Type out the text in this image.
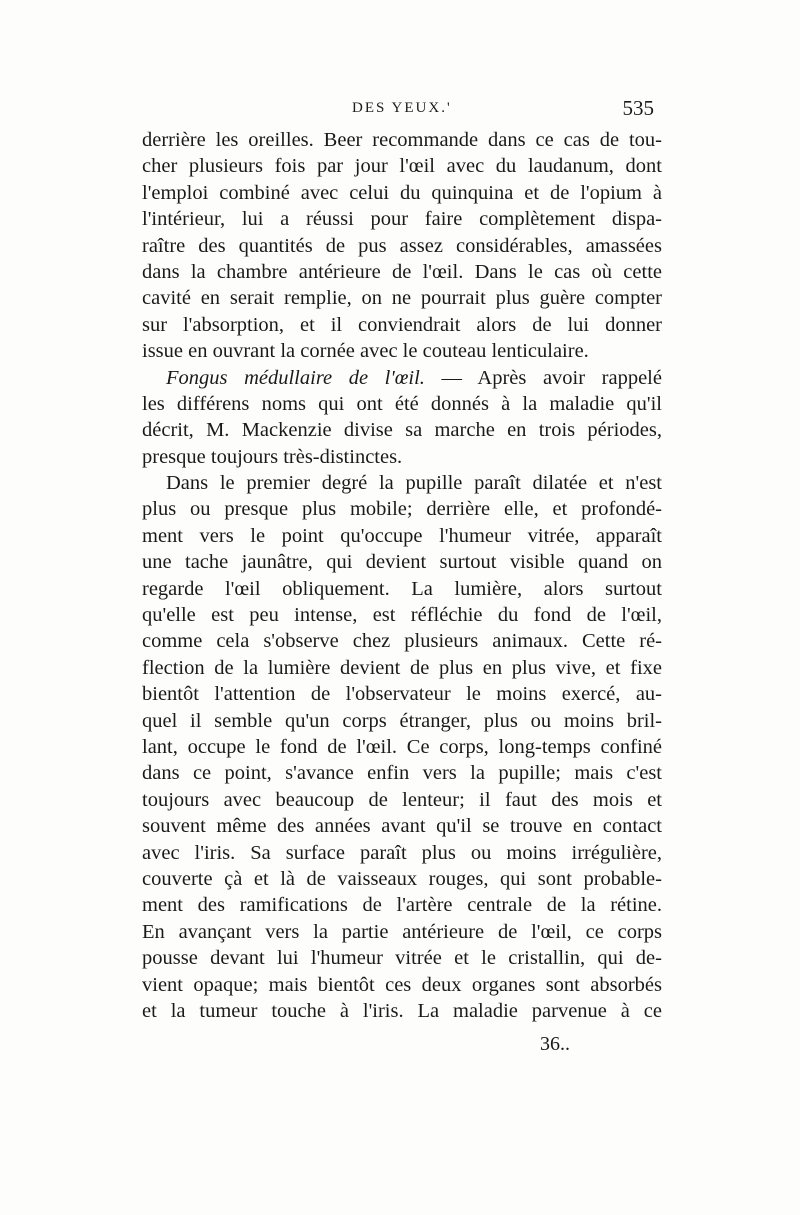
DES YEUX.'	535
derrière les oreilles. Beer recommande dans ce cas de tou-
cher plusieurs fois par jour l'œil avec du laudanum, dont
l'emploi combiné avec celui du quinquina et de l'opium à
l'intérieur, lui a réussi pour faire complètement dispa-
raître des quantités de pus assez considérables, amassées
dans la chambre antérieure de l'œil. Dans le cas où cette
cavité en serait remplie, on ne pourrait plus guère compter
sur l'absorption, et il conviendrait alors de lui donner
issue en ouvrant la cornée avec le couteau lenticulaire.
Fongus médullaire de l'œil. — Après avoir rappelé
les différens noms qui ont été donnés à la maladie qu'il
décrit, M. Mackenzie divise sa marche en trois périodes,
presque toujours très-distinctes.
Dans le premier degré la pupille paraît dilatée et n'est
plus ou presque plus mobile; derrière elle, et profondé-
ment vers le point qu'occupe l'humeur vitrée, apparaît
une tache jaunâtre, qui devient surtout visible quand on
regarde l'œil obliquement. La lumière, alors surtout
qu'elle est peu intense, est réfléchie du fond de l'œil,
comme cela s'observe chez plusieurs animaux. Cette ré-
flection de la lumière devient de plus en plus vive, et fixe
bientôt l'attention de l'observateur le moins exercé, au-
quel il semble qu'un corps étranger, plus ou moins bril-
lant, occupe le fond de l'œil. Ce corps, long-temps confiné
dans ce point, s'avance enfin vers la pupille; mais c'est
toujours avec beaucoup de lenteur; il faut des mois et
souvent même des années avant qu'il se trouve en contact
avec l'iris. Sa surface paraît plus ou moins irrégulière,
couverte çà et là de vaisseaux rouges, qui sont probable-
ment des ramifications de l'artère centrale de la rétine.
En avançant vers la partie antérieure de l'œil, ce corps
pousse devant lui l'humeur vitrée et le cristallin, qui de-
vient opaque; mais bientôt ces deux organes sont absorbés
et la tumeur touche à l'iris. La maladie parvenue à ce
36..
